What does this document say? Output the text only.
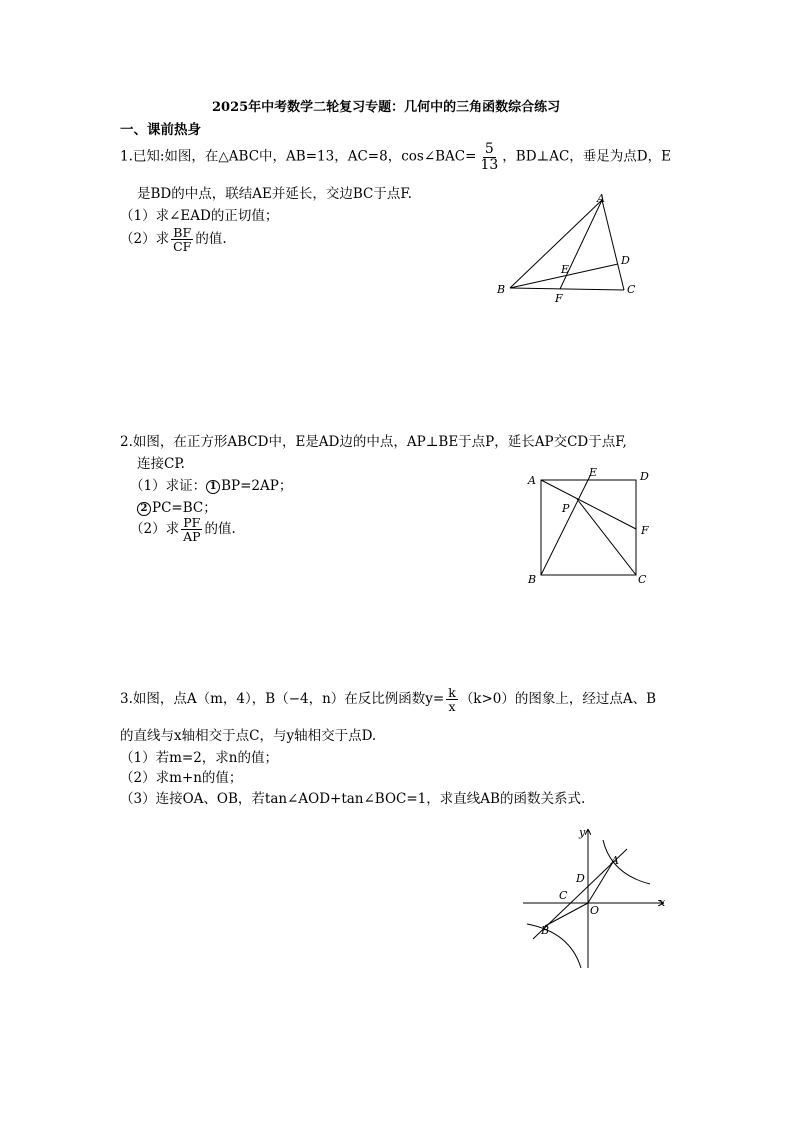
2025年中考数学二轮复习专题：几何中的三角函数综合练习
一、课前热身
1.已知:如图，在△ABC中，AB=13，AC=8，cos∠BAC= $\frac{5}{13}$ ，BD⊥AC，垂足为点D，E
是BD的中点，联结AE并延长，交边BC于点F.
（1）求∠EAD的正切值；
（2）求 $\frac{BF}{CF}$ 的值.
A
B	C
D
E
F
2.如图，在正方形ABCD中，E是AD边的中点，AP⊥BE于点P，延长AP交CD于点F,
连接CP.
（1）求证： 1 BP=2AP；
2 PC=BC；
（2）求 $\frac{PF}{AP}$ 的值.
A
E	D
P
F
B	C
3.如图，点A（m，4），B（−4，n）在反比例函数$y= \frac{k}{x} (k>0)$的图象上，经过点A、B
的直线与x轴相交于点C，与y轴相交于点D.
（1）若m=2，求n的值；
（2）求m+n的值；
（3）连接OA、OB，若tan∠AOD+tan∠BOC=1，求直线AB的函数关系式.
y
x
A
D
C
O
B
